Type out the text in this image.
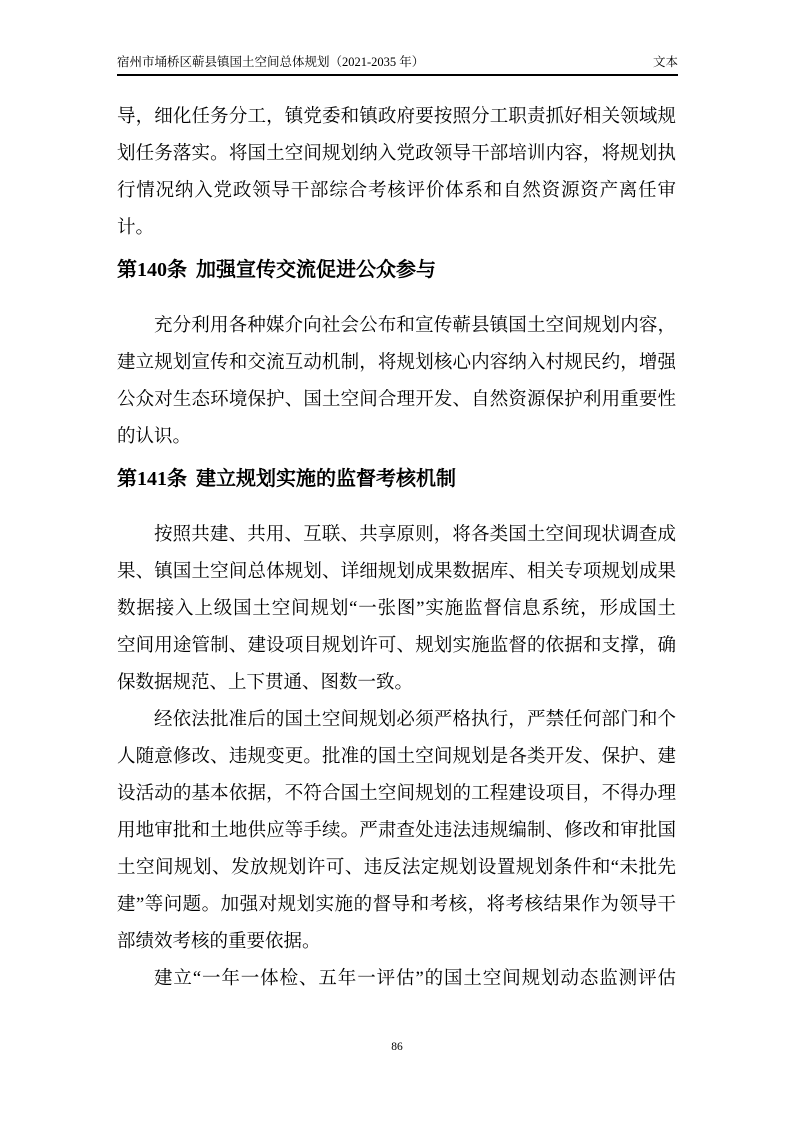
宿州市埇桥区蕲县镇国土空间总体规划（2021-2035 年）	文本
导，细化任务分工，镇党委和镇政府要按照分工职责抓好相关领域规
划任务落实。将国土空间规划纳入党政领导干部培训内容，将规划执
行情况纳入党政领导干部综合考核评价体系和自然资源资产离任审
计。
第140条 加强宣传交流促进公众参与
充分利用各种媒介向社会公布和宣传蕲县镇国土空间规划内容，
建立规划宣传和交流互动机制，将规划核心内容纳入村规民约，增强
公众对生态环境保护、国土空间合理开发、自然资源保护利用重要性
的认识。
第141条 建立规划实施的监督考核机制
按照共建、共用、互联、共享原则，将各类国土空间现状调查成
果、镇国土空间总体规划、详细规划成果数据库、相关专项规划成果
数据接入上级国土空间规划“一张图”实施监督信息系统，形成国土
空间用途管制、建设项目规划许可、规划实施监督的依据和支撑，确
保数据规范、上下贯通、图数一致。
经依法批准后的国土空间规划必须严格执行，严禁任何部门和个
人随意修改、违规变更。批准的国土空间规划是各类开发、保护、建
设活动的基本依据，不符合国土空间规划的工程建设项目，不得办理
用地审批和土地供应等手续。严肃查处违法违规编制、修改和审批国
土空间规划、发放规划许可、违反法定规划设置规划条件和“未批先
建”等问题。加强对规划实施的督导和考核，将考核结果作为领导干
部绩效考核的重要依据。
建立“一年一体检、五年一评估”的国土空间规划动态监测评估
86
